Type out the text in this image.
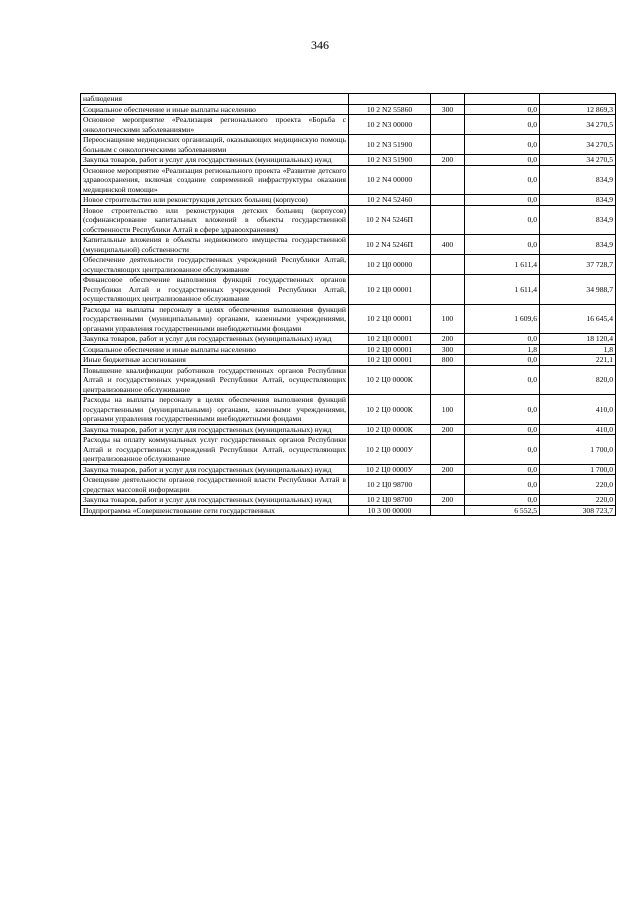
346
наблюдения				
Социальное обеспечение и иные выплаты населению	10 2 N2 55860	300	0,0	12 869,3
Основное мероприятие «Реализация регионального проекта «Борьба с онкологическими заболеваниями»	10 2 N3 00000		0,0	34 270,5
Переоснащение медицинских организаций, оказывающих медицинскую помощь больным с онкологическими заболеваниями	10 2 N3 51900		0,0	34 270,5
Закупка товаров, работ и услуг для государственных (муниципальных) нужд	10 2 N3 51900	200	0,0	34 270,5
Основное мероприятие «Реализация регионального проекта «Развитие детского здравоохранения, включая создание современной инфраструктуры оказания медицинской помощи»	10 2 N4 00000		0,0	834,9
Новое строительство или реконструкция детских больниц (корпусов)	10 2 N4 52460		0,0	834,9
Новое строительство или реконструкция детских больниц (корпусов) (софинансирование капитальных вложений в объекты государственной собственности Республики Алтай в сфере здравоохранения)	10 2 N4 5246П		0,0	834,9
Капитальные вложения в объекты недвижимого имущества государственной (муниципальной) собственности	10 2 N4 5246П	400	0,0	834,9
Обеспечение деятельности государственных учреждений Республики Алтай, осуществляющих централизованное обслуживание	10 2 Ц0 00000		1 611,4	37 728,7
Финансовое обеспечение выполнения функций государственных органов Республики Алтай и государственных учреждений Республики Алтай, осуществляющих централизованное обслуживание	10 2 Ц0 00001		1 611,4	34 988,7
Расходы на выплаты персоналу в целях обеспечения выполнения функций государственными (муниципальными) органами, казенными учреждениями, органами управления государственными внебюджетными фондами	10 2 Ц0 00001	100	1 609,6	16 645,4
Закупка товаров, работ и услуг для государственных (муниципальных) нужд	10 2 Ц0 00001	200	0,0	18 120,4
Социальное обеспечение и иные выплаты населению	10 2 Ц0 00001	300	1,8	1,8
Иные бюджетные ассигнования	10 2 Ц0 00001	800	0,0	221,1
Повышение квалификации работников государственных органов Республики Алтай и государственных учреждений Республики Алтай, осуществляющих централизованное обслуживание	10 2 Ц0 0000К		0,0	820,0
Расходы на выплаты персоналу в целях обеспечения выполнения функций государственными (муниципальными) органами, казенными учреждениями, органами управления государственными внебюджетными фондами	10 2 Ц0 0000К	100	0,0	410,0
Закупка товаров, работ и услуг для государственных (муниципальных) нужд	10 2 Ц0 0000К	200	0,0	410,0
Расходы на оплату коммунальных услуг государственных органов Республики Алтай и государственных учреждений Республики Алтай, осуществляющих централизованное обслуживание	10 2 Ц0 0000У		0,0	1 700,0
Закупка товаров, работ и услуг для государственных (муниципальных) нужд	10 2 Ц0 0000У	200	0,0	1 700,0
Освещение деятельности органов государственной власти Республики Алтай в средствах массовой информации	10 2 Ц0 98700		0,0	220,0
Закупка товаров, работ и услуг для государственных (муниципальных) нужд	10 2 Ц0 98700	200	0,0	220,0
Подпрограмма «Совершенствование сети государственных	10 3 00 00000		6 552,5	308 723,7
